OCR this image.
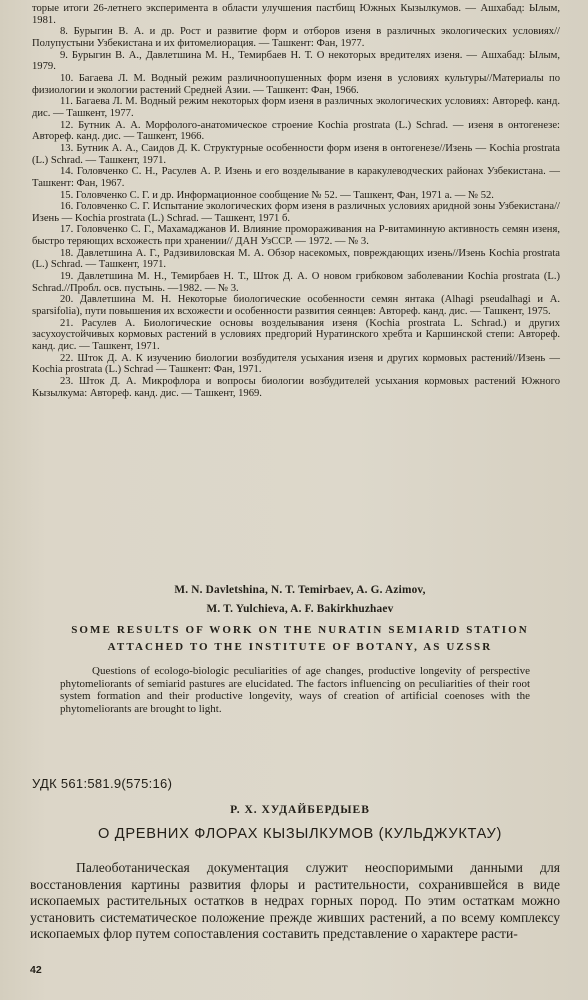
торые итоги 26-летнего эксперимента в области улучшения пастбищ Южных Кызылкумов. — Ашхабад: Ылым, 1981.

8. Бурыгин В. А. и др. Рост и развитие форм и отборов изеня в различных экологических условиях//Полупустыни Узбекистана и их фитомелиорация. — Ташкент: Фан, 1977.

9. Бурыгин В. А., Давлетшина М. Н., Темирбаев Н. Т. О некоторых вредителях изеня. — Ашхабад: Ылым, 1979.

10. Багаева Л. М. Водный режим различноопушенных форм изеня в условиях культуры//Материалы по физиологии и экологии растений Средней Азии. — Ташкент: Фан, 1966.

11. Багаева Л. М. Водный режим некоторых форм изеня в различных экологических условиях: Автореф. канд. дис. — Ташкент, 1977.

12. Бутник А. А. Морфолого-анатомическое строение Kochia prostrata (L.) Schrad. — изеня в онтогенезе: Автореф. канд. дис. — Ташкент, 1966.

13. Бутник А. А., Саидов Д. К. Структурные особенности форм изеня в онтогенезе//Изень — Kochia prostrata (L.) Schrad. — Ташкент, 1971.

14. Головченко С. Н., Расулев А. Р. Изень и его возделывание в каракулеводческих районах Узбекистана. — Ташкент: Фан, 1967.

15. Головченко С. Г. и др. Информационное сообщение № 52. — Ташкент, Фан, 1971 а. — № 52.

16. Головченко С. Г. Испытание экологических форм изеня в различных условиях аридной зоны Узбекистана//Изень — Kochia prostrata (L.) Schrad. — Ташкент, 1971 б.

17. Головченко С. Г., Махамаджанов И. Влияние промораживания на Р-витаминную активность семян изеня, быстро теряющих всхожесть при хранении// ДАН УзССР. — 1972. — № 3.

18. Давлетшина А. Г., Радзивиловская М. А. Обзор насекомых, повреждающих изень//Изень Kochia prostrata (L.) Schrad. — Ташкент, 1971.

19. Давлетшина М. Н., Темирбаев Н. Т., Шток Д. А. О новом грибковом заболевании Kochia prostrata (L.) Schrad.//Пробл. осв. пустынь. —1982. — № 3.

20. Давлетшина М. Н. Некоторые биологические особенности семян янтака (Alhagi pseudalhagi и A. sparsifolia), пути повышения их всхожести и особенности развития сеянцев: Автореф. канд. дис. — Ташкент, 1975.

21. Расулев А. Биологические основы возделывания изеня (Kochia prostrata L. Schrad.) и других засухоустойчивых кормовых растений в условиях предгорий Нуратинского хребта и Каршинской степи: Автореф. канд. дис. — Ташкент, 1971.

22. Шток Д. А. К изучению биологии возбудителя усыхания изеня и других кормовых растений//Изень — Kochia prostrata (L.) Schrad — Ташкент: Фан, 1971.

23. Шток Д. А. Микрофлора и вопросы биологии возбудителей усыхания кормовых растений Южного Кызылкума: Автореф. канд. дис. — Ташкент, 1969.

M. N. Davletshina, N. T. Temirbaev, A. G. Azimov,
M. T. Yulchieva, A. F. Bakirkhuzhaev
SOME RESULTS OF WORK ON THE NURATIN SEMIARID STATION
ATTACHED TO THE INSTITUTE OF BOTANY, AS UZSSR

Questions of ecologo-biologic peculiarities of age changes, productive longevity of perspective phytomeliorants of semiarid pastures are elucidated. The factors influencing on peculiarities of their root system formation and their productive longevity, ways of creation of artificial coenoses with the phytomeliorants are brought to light.

УДК 561:581.9(575:16)
Р. Х. ХУДАЙБЕРДЫЕВ
О ДРЕВНИХ ФЛОРАХ КЫЗЫЛКУМОВ (КУЛЬДЖУКТАУ)

Палеоботаническая документация служит неоспоримыми данными для восстановления картины развития флоры и растительности, сохранившейся в виде ископаемых растительных остатков в недрах горных пород. По этим остаткам можно установить систематическое положение прежде живших растений, а по всему комплексу ископаемых флор путем сопоставления составить представление о характере расти-

42
